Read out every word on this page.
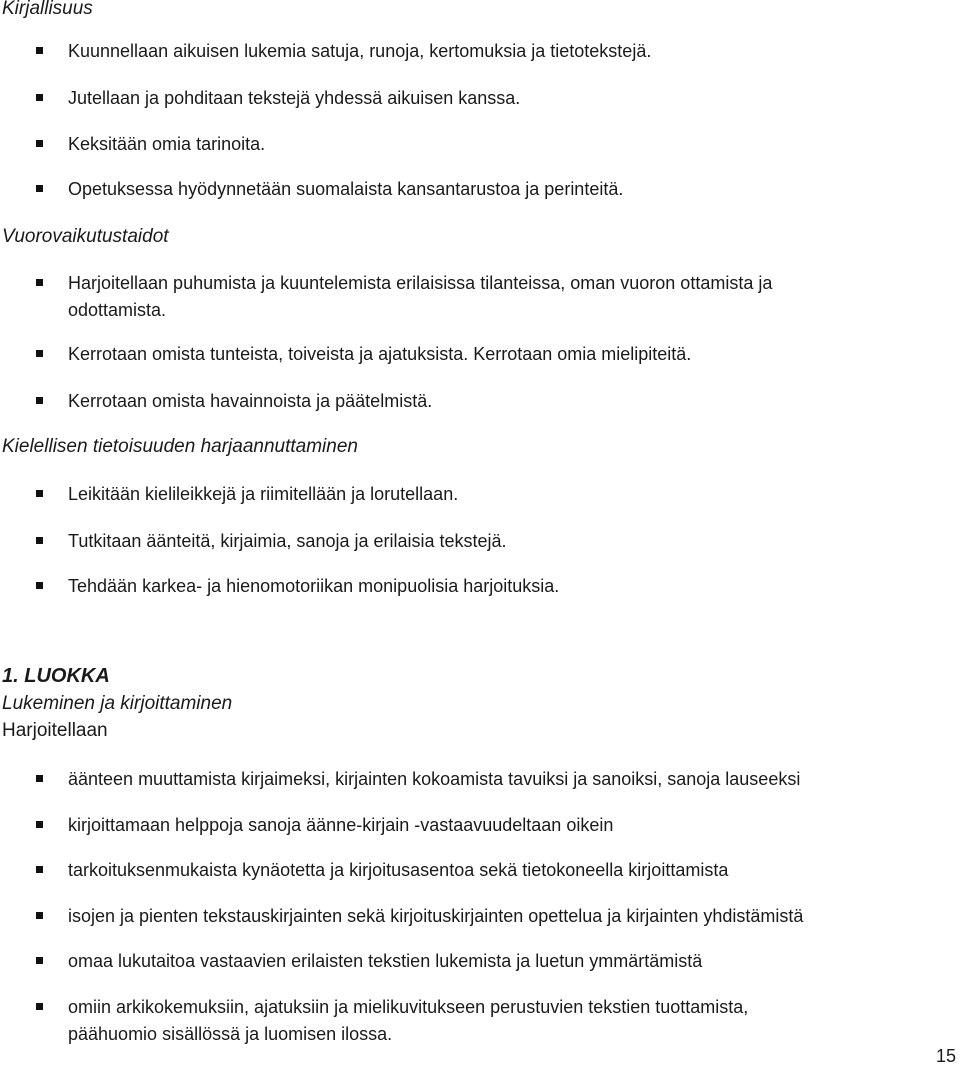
Kirjallisuus
Kuunnellaan aikuisen lukemia satuja, runoja, kertomuksia ja tietotekstejä.
Jutellaan ja pohditaan tekstejä yhdessä aikuisen kanssa.
Keksitään omia tarinoita.
Opetuksessa hyödynnetään suomalaista kansantarustoa ja perinteitä.
Vuorovaikutustaidot
Harjoitellaan puhumista ja kuuntelemista erilaisissa tilanteissa, oman vuoron ottamista ja
odottamista.
Kerrotaan omista tunteista, toiveista ja ajatuksista. Kerrotaan omia mielipiteitä.
Kerrotaan omista havainnoista ja päätelmistä.
Kielellisen tietoisuuden harjaannuttaminen
Leikitään kielileikkejä ja riimitellään ja lorutellaan.
Tutkitaan äänteitä, kirjaimia, sanoja ja erilaisia tekstejä.
Tehdään karkea- ja hienomotoriikan monipuolisia harjoituksia.
1. LUOKKA
Lukeminen ja kirjoittaminen
Harjoitellaan
äänteen muuttamista kirjaimeksi, kirjainten kokoamista tavuiksi ja sanoiksi, sanoja lauseeksi
kirjoittamaan helppoja sanoja äänne-kirjain -vastaavuudeltaan oikein
tarkoituksenmukaista kynäotetta ja kirjoitusasentoa sekä tietokoneella kirjoittamista
isojen ja pienten tekstauskirjainten sekä kirjoituskirjainten opettelua ja kirjainten yhdistämistä
omaa lukutaitoa vastaavien erilaisten tekstien lukemista ja luetun ymmärtämistä
omiin arkikokemuksiin, ajatuksiin ja mielikuvitukseen perustuvien tekstien tuottamista,
päähuomio sisällössä ja luomisen ilossa.
15
